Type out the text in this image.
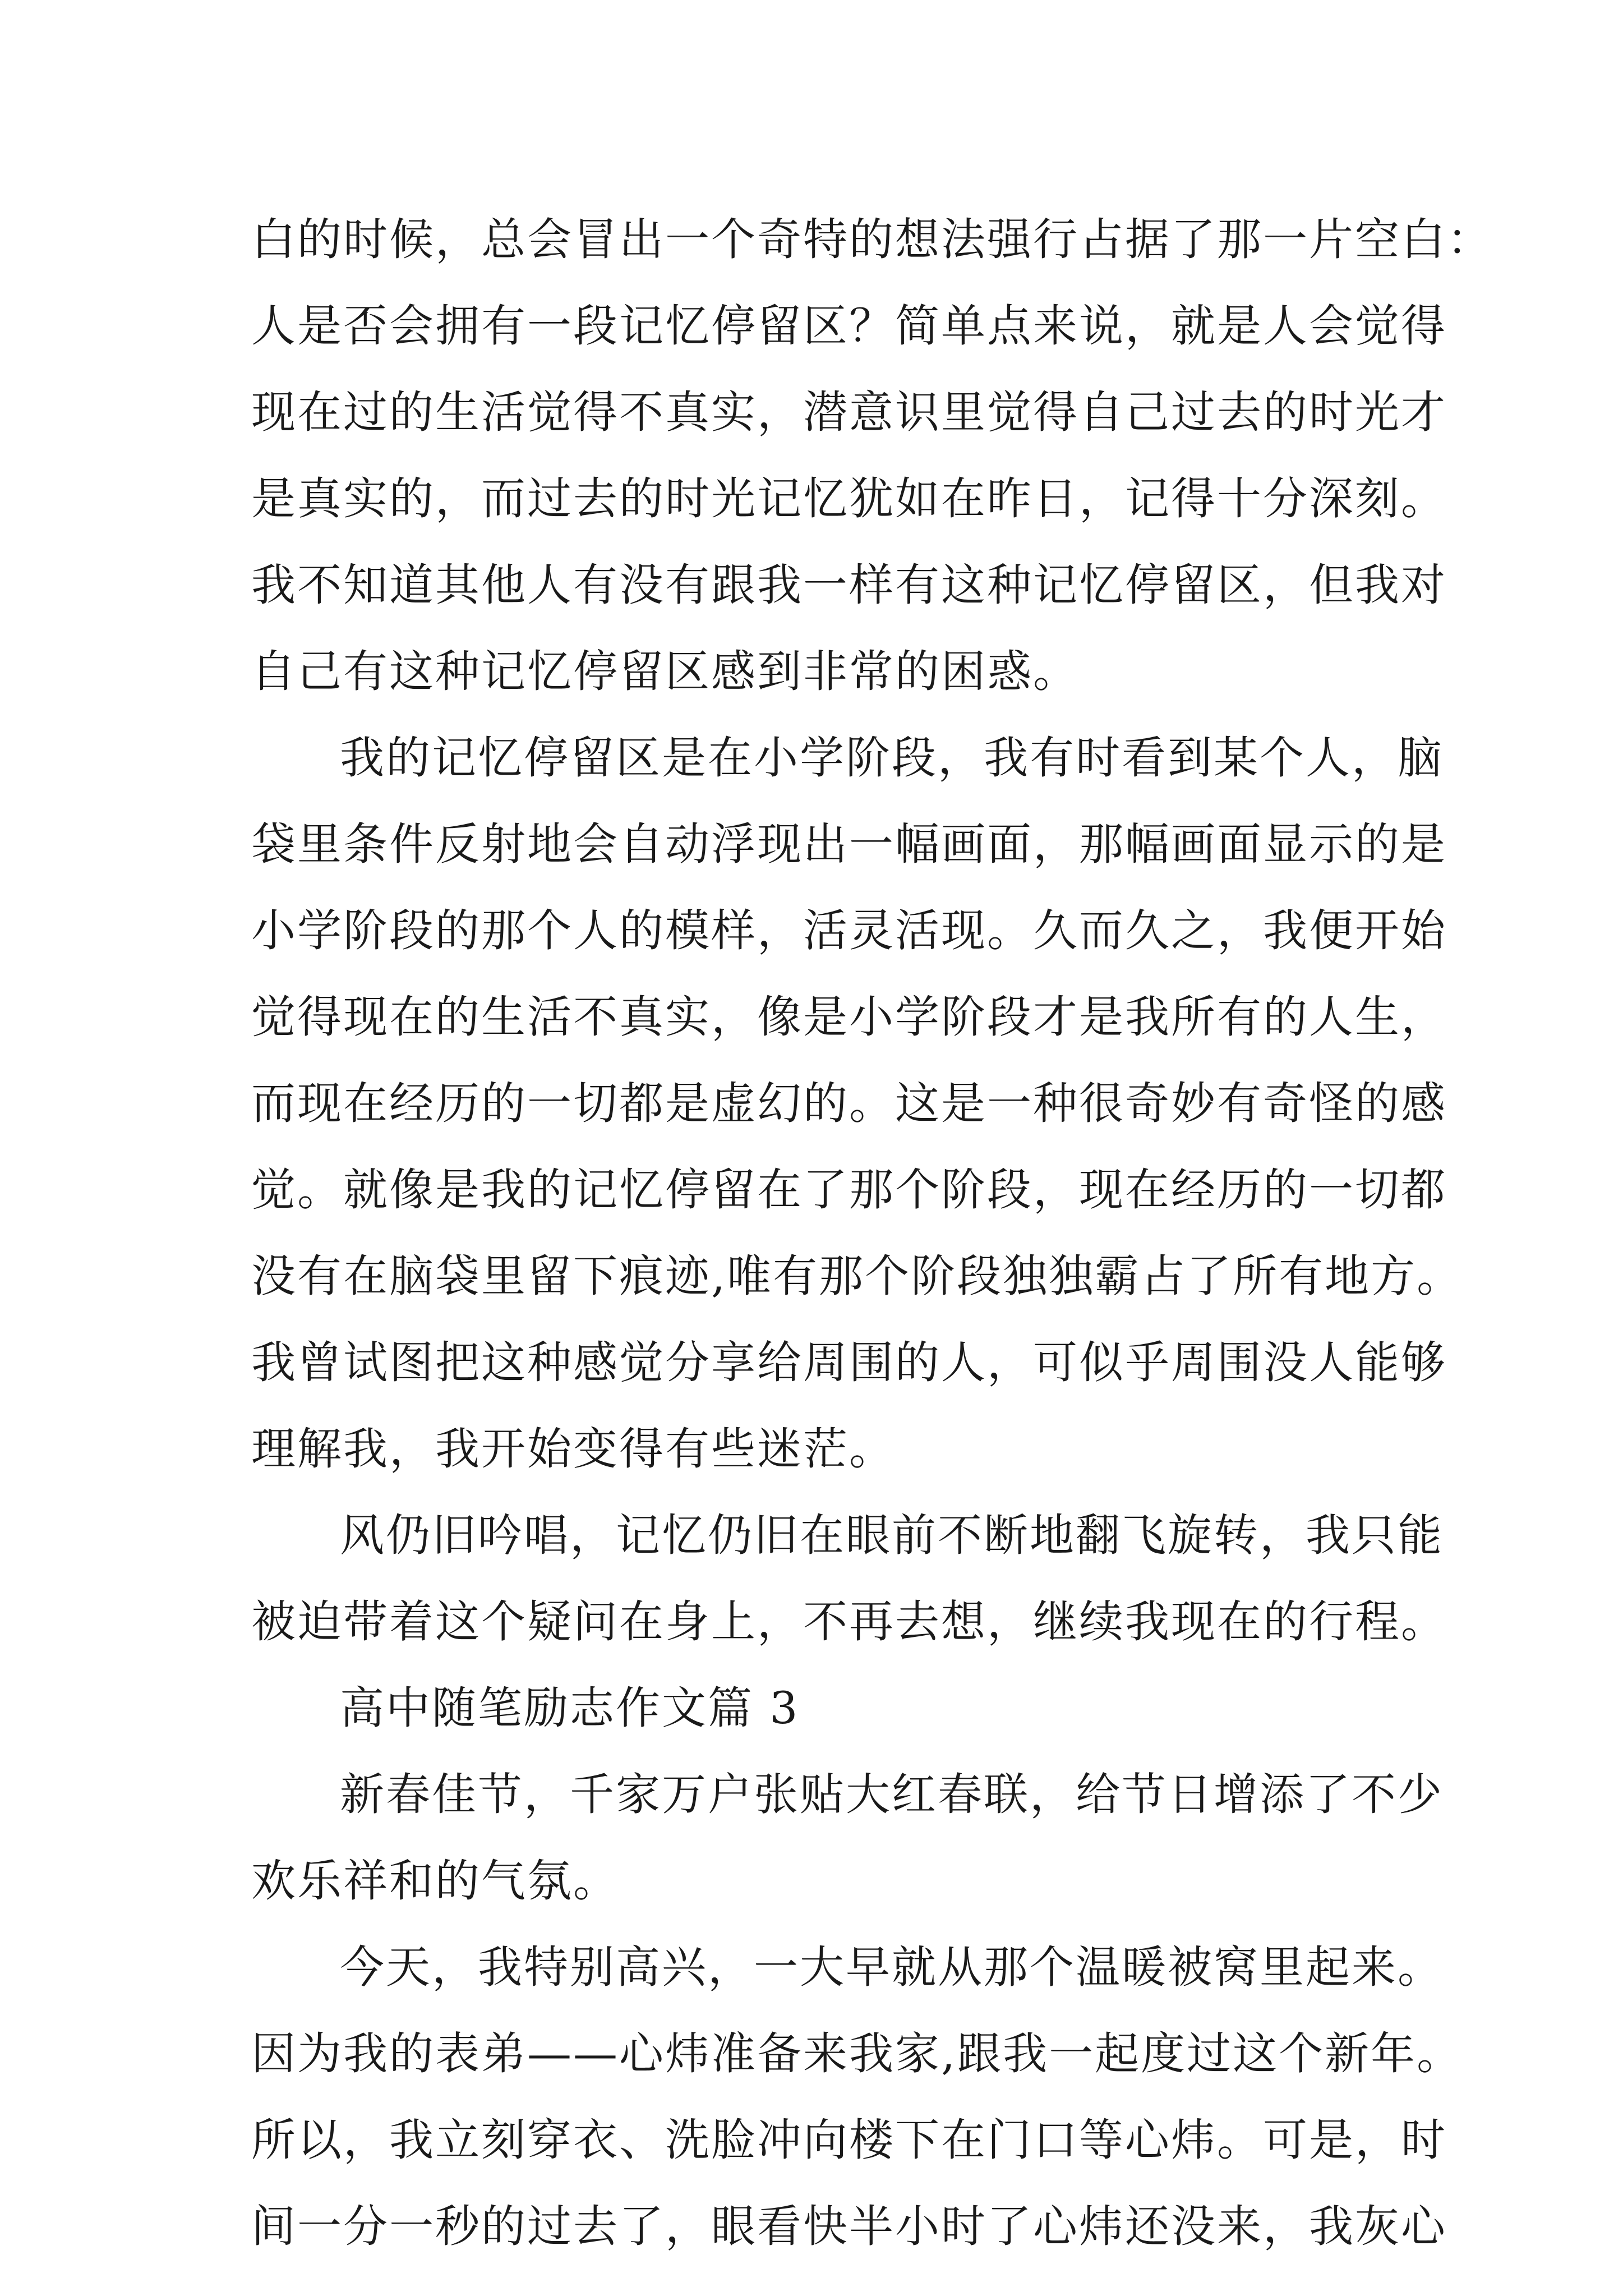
白的时候，总会冒出一个奇特的想法强行占据了那一片空白：
人是否会拥有一段记忆停留区？简单点来说，就是人会觉得
现在过的生活觉得不真实，潜意识里觉得自己过去的时光才
是真实的，而过去的时光记忆犹如在昨日，记得十分深刻。
我不知道其他人有没有跟我一样有这种记忆停留区，但我对
自己有这种记忆停留区感到非常的困惑。
我的记忆停留区是在小学阶段，我有时看到某个人，脑
袋里条件反射地会自动浮现出一幅画面，那幅画面显示的是
小学阶段的那个人的模样，活灵活现。久而久之，我便开始
觉得现在的生活不真实，像是小学阶段才是我所有的人生，
而现在经历的一切都是虚幻的。这是一种很奇妙有奇怪的感
觉。就像是我的记忆停留在了那个阶段，现在经历的一切都
没有在脑袋里留下痕迹,唯有那个阶段独独霸占了所有地方。
我曾试图把这种感觉分享给周围的人，可似乎周围没人能够
理解我，我开始变得有些迷茫。
风仍旧吟唱，记忆仍旧在眼前不断地翻飞旋转，我只能
被迫带着这个疑问在身上，不再去想，继续我现在的行程。
高中随笔励志作文篇 3
新春佳节，千家万户张贴大红春联，给节日增添了不少
欢乐祥和的气氛。
今天，我特别高兴，一大早就从那个温暖被窝里起来。
因为我的表弟——心炜准备来我家,跟我一起度过这个新年。
所以，我立刻穿衣、洗脸冲向楼下在门口等心炜。可是，时
间一分一秒的过去了，眼看快半小时了心炜还没来，我灰心
